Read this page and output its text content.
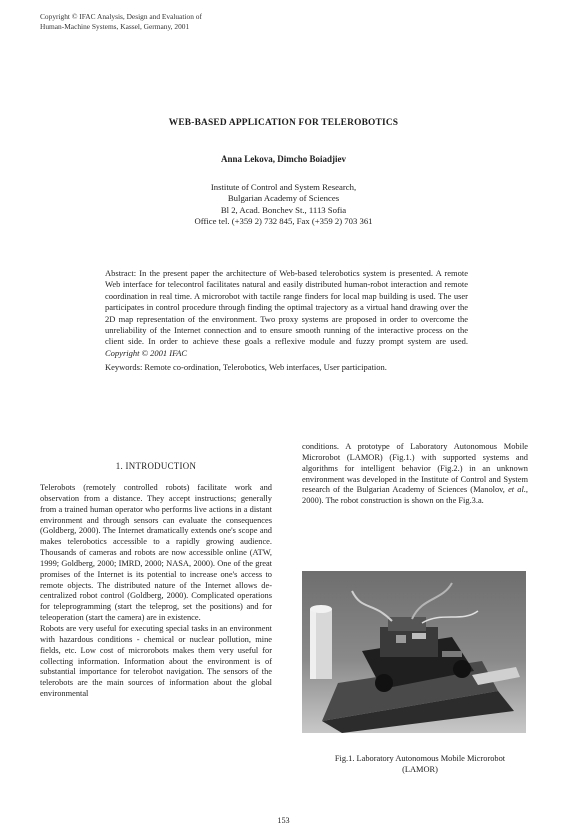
Copyright © IFAC Analysis, Design and Evaluation of
Human-Machine Systems, Kassel, Germany, 2001
WEB-BASED APPLICATION FOR TELEROBOTICS
Anna Lekova, Dimcho Boiadjiev
Institute of Control and System Research,
Bulgarian Academy of Sciences
Bl 2, Acad. Bonchev St., 1113 Sofia
Office tel. (+359 2) 732 845, Fax (+359 2) 703 361
Abstract: In the present paper the architecture of Web-based telerobotics system is presented. A remote Web interface for telecontrol facilitates natural and easily distributed human-robot interaction and remote coordination in real time. A microrobot with tactile range finders for local map building is used. The user participates in control procedure through finding the optimal trajectory as a virtual hand drawing over the 2D map representation of the environment. Two proxy systems are proposed in order to overcome the unreliability of the Internet connection and to ensure smooth running of the interactive process on the client side. In order to achieve these goals a reflexive module and fuzzy prompt system are used. Copyright © 2001 IFAC
Keywords: Remote co-ordination, Telerobotics, Web interfaces, User participation.
1. INTRODUCTION

Telerobots (remotely controlled robots) facilitate work and observation from a distance. They accept instructions; generally from a trained human operator who performs live actions in a distant environment and through sensors can evaluate the consequences (Goldberg, 2000). The Internet dramatically extends one's scope and makes telerobotics accessible to a rapidly growing audience. Thousands of cameras and robots are now accessible online (ATW, 1999; Goldberg, 2000; IMRD, 2000; NASA, 2000). One of the great promises of the Internet is its potential to increase one's access to remote objects. The distributed nature of the Internet allows de-centralized robot control (Goldberg, 2000). Complicated operations for teleprogramming (start the teleprog, set the positions) and for teleoperation (start the camera) are in existence.

Robots are very useful for executing special tasks in an environment with hazardous conditions - chemical or nuclear pollution, mine fields, etc. Low cost of microrobots makes them very useful for collecting information. Information about the environment is of substantial importance for telerobot navigation. The sensors of the telerobots are the main sources of information about the global environmental

conditions. A prototype of Laboratory Autonomous Mobile Microrobot (LAMOR) (Fig.1.) with supported systems and algorithms for intelligent behavior (Fig.2.) in an unknown environment was developed in the Institute of Control and System research of the Bulgarian Academy of Sciences (Manolov, et al., 2000). The robot construction is shown on the Fig.3.a.

Fig.1. Laboratory Autonomous Mobile Microrobot
(LAMOR)
153
